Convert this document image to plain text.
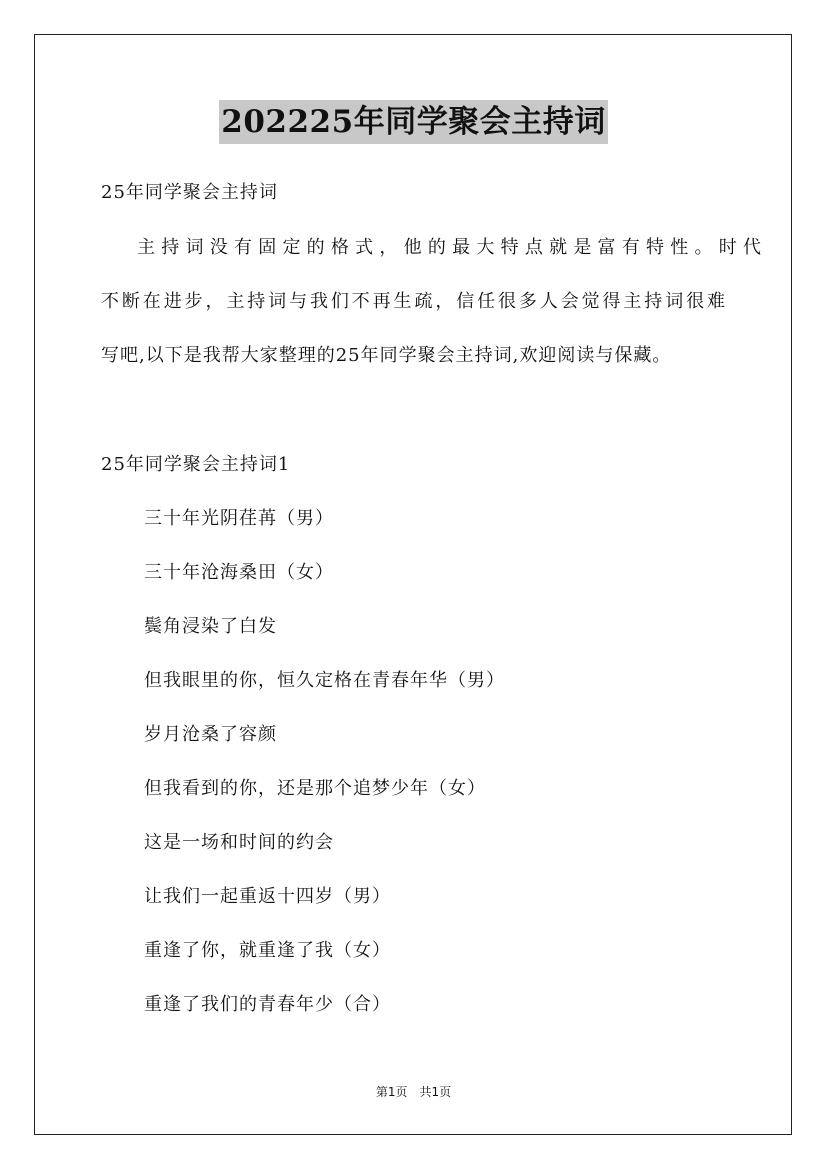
202225年同学聚会主持词
25年同学聚会主持词
主持词没有固定的格式，他的最大特点就是富有特性。时代
不断在进步，主持词与我们不再生疏，信任很多人会觉得主持词很难
写吧,以下是我帮大家整理的25年同学聚会主持词,欢迎阅读与保藏。
25年同学聚会主持词1
三十年光阴荏苒（男）
三十年沧海桑田（女）
鬓角浸染了白发
但我眼里的你，恒久定格在青春年华（男）
岁月沧桑了容颜
但我看到的你，还是那个追梦少年（女）
这是一场和时间的约会
让我们一起重返十四岁（男）
重逢了你，就重逢了我（女）
重逢了我们的青春年少（合）
第1页　共1页
